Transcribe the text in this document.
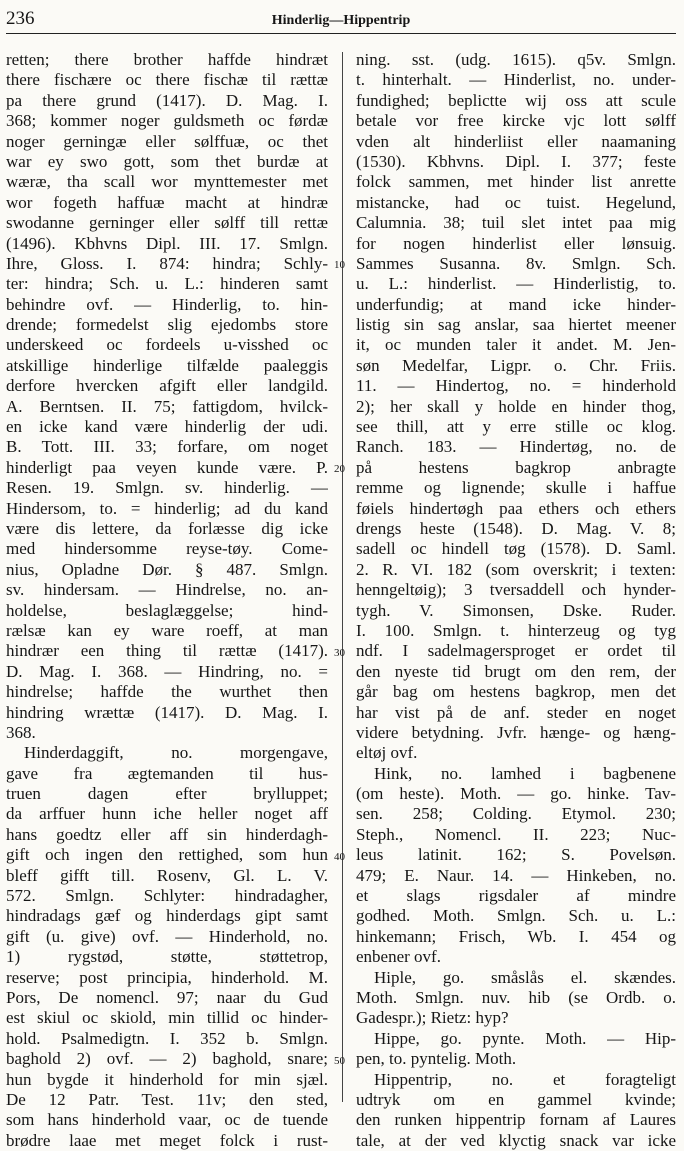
236	Hinderlig—Hippentrip
retten; there brother haffde hindræt
there fischære oc there fischæ til rættæ
pa there grund (1417). D. Mag. I.
368; kommer noger guldsmeth oc førdæ
noger gerningæ eller sølffuæ, oc thet
war ey swo gott, som thet burdæ at
wæræ, tha scall wor mynttemester met
wor fogeth haffuæ macht at hindræ
swodanne gerninger eller sølff till rettæ
(1496). Kbhvns Dipl. III. 17. Smlgn.
Ihre, Gloss. I. 874: hindra; Schly-
ter: hindra; Sch. u. L.: hinderen samt
behindre ovf. — Hinderlig, to. hin-
drende; formedelst slig ejedombs store
underskeed oc fordeels u-visshed oc
atskillige hinderlige tilfælde paaleggis
derfore hvercken afgift eller landgild.
A. Berntsen. II. 75; fattigdom, hvilck-
en icke kand være hinderlig der udi.
B. Tott. III. 33; forfare, om noget
hinderligt paa veyen kunde være. P.
Resen. 19. Smlgn. sv. hinderlig. —
Hindersom, to. = hinderlig; ad du kand
være dis lettere, da forlæsse dig icke
med hindersomme reyse-tøy. Come-
nius, Opladne Dør. § 487. Smlgn.
sv. hindersam. — Hindrelse, no. an-
holdelse, beslaglæggelse; hind-
rælsæ kan ey ware roeff, at man
hindrær een thing til rættæ (1417).
D. Mag. I. 368. — Hindring, no. =
hindrelse; haffde the wurthet then
hindring wrættæ (1417). D. Mag. I.
368.
Hinderdaggift, no. morgengave,
gave fra ægtemanden til hus-
truen dagen efter brylluppet;
da arffuer hunn iche heller noget aff
hans goedtz eller aff sin hinderdagh-
gift och ingen den rettighed, som hun
bleff gifft till. Rosenv, Gl. L. V.
572. Smlgn. Schlyter: hindradagher,
hindradags gæf og hinderdags gipt samt
gift (u. give) ovf. — Hinderhold, no.
1) rygstød, støtte, støttetrop,
reserve; post principia, hinderhold. M.
Pors, De nomencl. 97; naar du Gud
est skiul oc skiold, min tillid oc hinder-
hold. Psalmedigtn. I. 352 b. Smlgn.
baghold 2) ovf. — 2) baghold, snare;
hun bygde it hinderhold for min sjæl.
De 12 Patr. Test. 11v; den sted,
som hans hinderhold vaar, oc de tuende
brødre laae met meget folck i rust-
10
20
30
40
50
ning. sst. (udg. 1615). q5v. Smlgn.
t. hinterhalt. — Hinderlist, no. under-
fundighed; beplictte wij oss att scule
betale vor free kircke vjc lott sølff
vden alt hinderliist eller naamaning
(1530). Kbhvns. Dipl. I. 377; feste
folck sammen, met hinder list anrette
mistancke, had oc tuist. Hegelund,
Calumnia. 38; tuil slet intet paa mig
for nogen hinderlist eller lønsuig.
Sammes Susanna. 8v. Smlgn. Sch.
u. L.: hinderlist. — Hinderlistig, to.
underfundig; at mand icke hinder-
listig sin sag anslar, saa hiertet meener
it, oc munden taler it andet. M. Jen-
søn Medelfar, Ligpr. o. Chr. Friis.
11. — Hindertog, no. = hinderhold
2); her skall y holde en hinder thog,
see thill, att y erre stille oc klog.
Ranch. 183. — Hindertøg, no. de
på hestens bagkrop anbragte
remme og lignende; skulle i haffue
føiels hindertøgh paa ethers och ethers
drengs heste (1548). D. Mag. V. 8;
sadell oc hindell tøg (1578). D. Saml.
2. R. VI. 182 (som overskrit; i texten:
henngeltøig); 3 tversaddell och hynder-
tygh. V. Simonsen, Dske. Ruder.
I. 100. Smlgn. t. hinterzeug og tyg
ndf. I sadelmagersproget er ordet til
den nyeste tid brugt om den rem, der
går bag om hestens bagkrop, men det
har vist på de anf. steder en noget
videre betydning. Jvfr. hænge- og hæng-
eltøj ovf.
Hink, no. lamhed i bagbenene
(om heste). Moth. — go. hinke. Tav-
sen. 258; Colding. Etymol. 230;
Steph., Nomencl. II. 223; Nuc-
leus latinit. 162; S. Povelsøn.
479; E. Naur. 14. — Hinkeben, no.
et slags rigsdaler af mindre
godhed. Moth. Smlgn. Sch. u. L.:
hinkemann; Frisch, Wb. I. 454 og
enbener ovf.
Hiple, go. småslås el. skændes.
Moth. Smlgn. nuv. hib (se Ordb. o.
Gadespr.); Rietz: hyp?
Hippe, go. pynte. Moth. — Hip-
pen, to. pyntelig. Moth.
Hippentrip, no. et foragteligt
udtryk om en gammel kvinde;
den runken hippentrip fornam af Laures
tale, at der ved klyctig snack var icke
